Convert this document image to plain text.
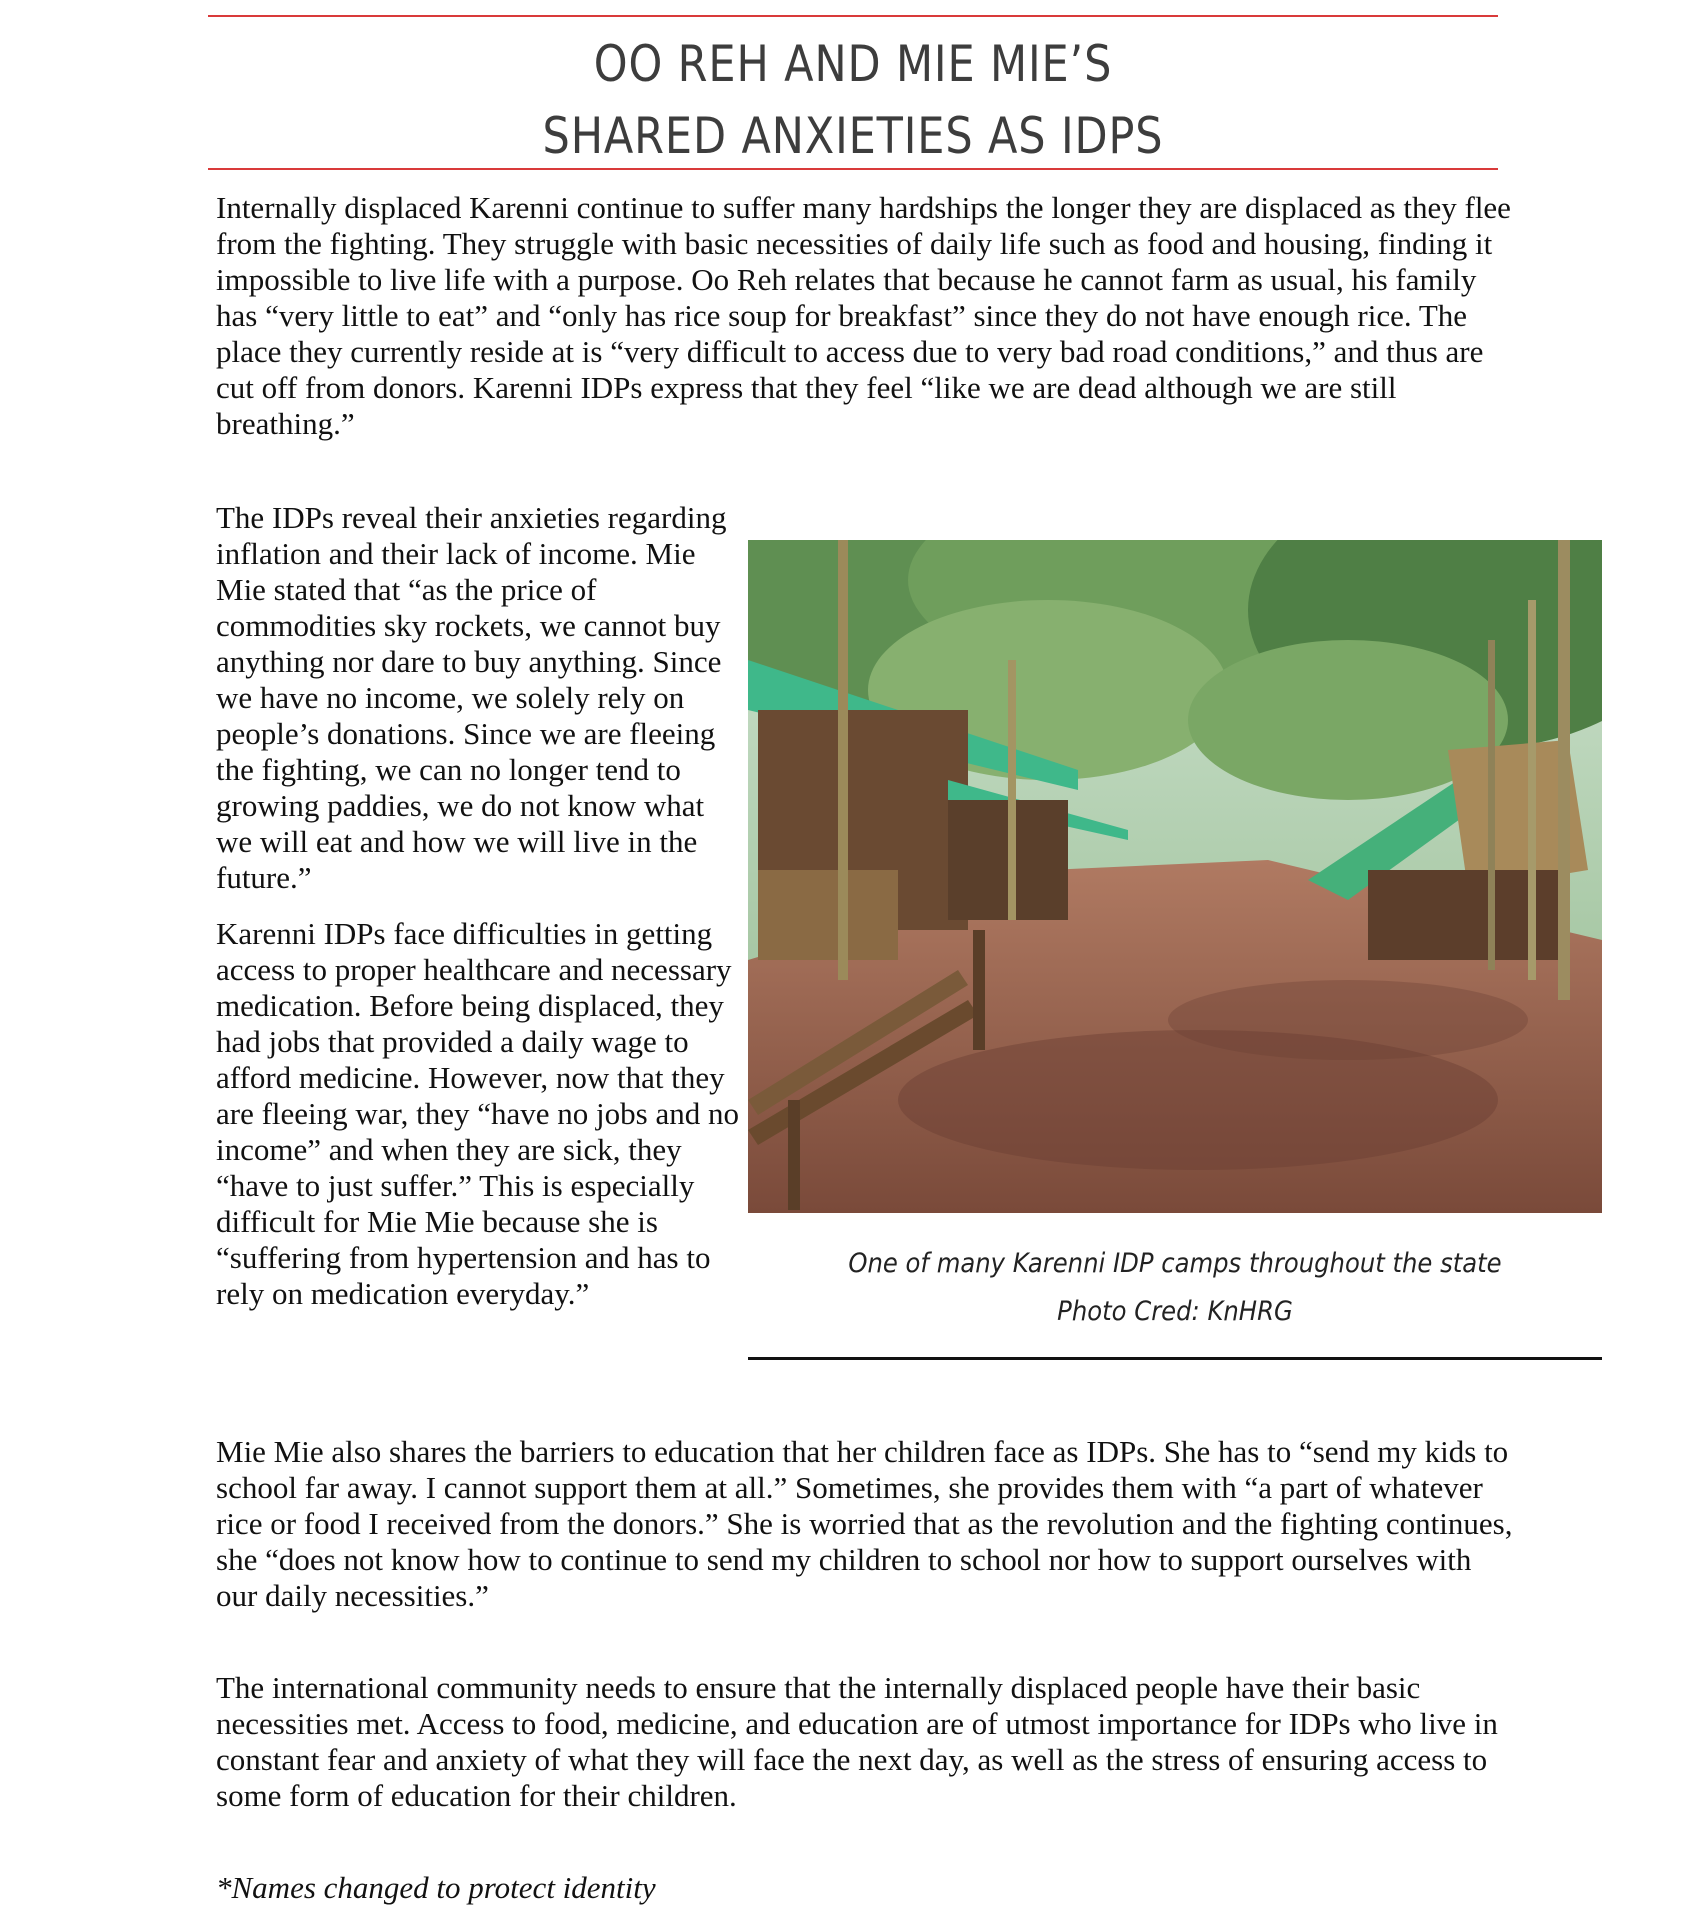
OO REH AND MIE MIE’S
SHARED ANXIETIES AS IDPS

Internally displaced Karenni continue to suffer many hardships the longer they are displaced as they flee from the fighting. They struggle with basic necessities of daily life such as food and housing, finding it impossible to live life with a purpose. Oo Reh relates that because he cannot farm as usual, his family has “very little to eat” and “only has rice soup for breakfast” since they do not have enough rice. The place they currently reside at is “very difficult to access due to very bad road conditions,” and thus are cut off from donors. Karenni IDPs express that they feel “like we are dead although we are still breathing.”

The IDPs reveal their anxieties regarding inflation and their lack of income. Mie Mie stated that “as the price of commodities sky rockets, we cannot buy anything nor dare to buy anything. Since we have no income, we solely rely on people’s donations. Since we are fleeing the fighting, we can no longer tend to growing paddies, we do not know what we will eat and how we will live in the future.”

Karenni IDPs face difficulties in getting access to proper healthcare and necessary medication. Before being displaced, they had jobs that provided a daily wage to afford medicine. However, now that they are fleeing war, they “have no jobs and no income” and when they are sick, they “have to just suffer.” This is especially difficult for Mie Mie because she is “suffering from hypertension and has to rely on medication everyday.”

One of many Karenni IDP camps throughout the state
Photo Cred: KnHRG

Mie Mie also shares the barriers to education that her children face as IDPs. She has to “send my kids to school far away. I cannot support them at all.” Sometimes, she provides them with “a part of whatever rice or food I received from the donors.” She is worried that as the revolution and the fighting continues, she “does not know how to continue to send my children to school nor how to support ourselves with our daily necessities.”

The international community needs to ensure that the internally displaced people have their basic necessities met. Access to food, medicine, and education are of utmost importance for IDPs who live in constant fear and anxiety of what they will face the next day, as well as the stress of ensuring access to some form of education for their children.

*Names changed to protect identity
